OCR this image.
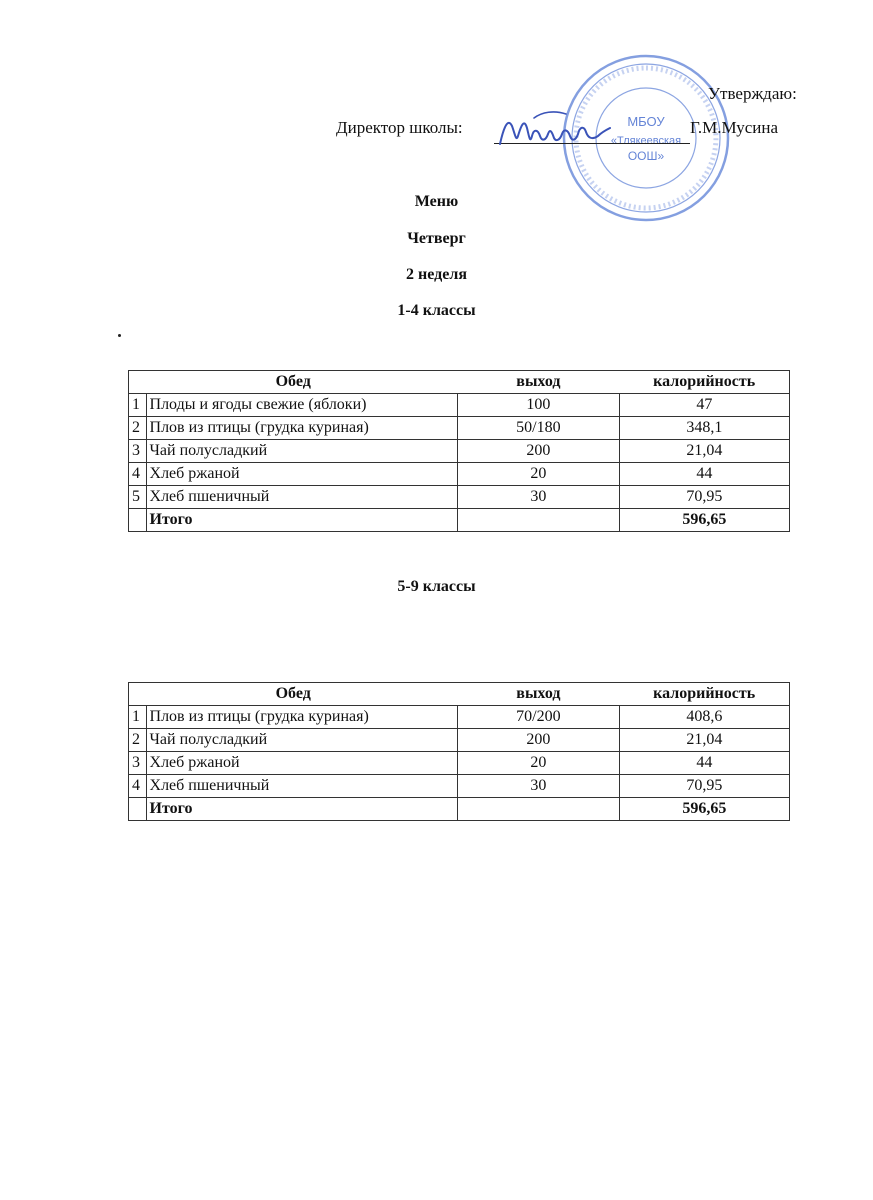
МБОУ
«Тлякеевская
ООШ»
Утверждаю:
Директор школы:	Г.М.Мусина
Меню
Четверг
2 неделя
1-4 классы
Обед		выход	калорийность
1	Плоды и ягоды свежие (яблоки)	100	47
2	Плов из птицы (грудка куриная)	50/180	348,1
3	Чай полусладкий	200	21,04
4	Хлеб ржаной	20	44
5	Хлеб пшеничный	30	70,95
	Итого		596,65
5-9 классы
Обед		выход	калорийность
1	Плов из птицы (грудка куриная)	70/200	408,6
2	Чай полусладкий	200	21,04
3	Хлеб ржаной	20	44
4	Хлеб пшеничный	30	70,95
	Итого		596,65
